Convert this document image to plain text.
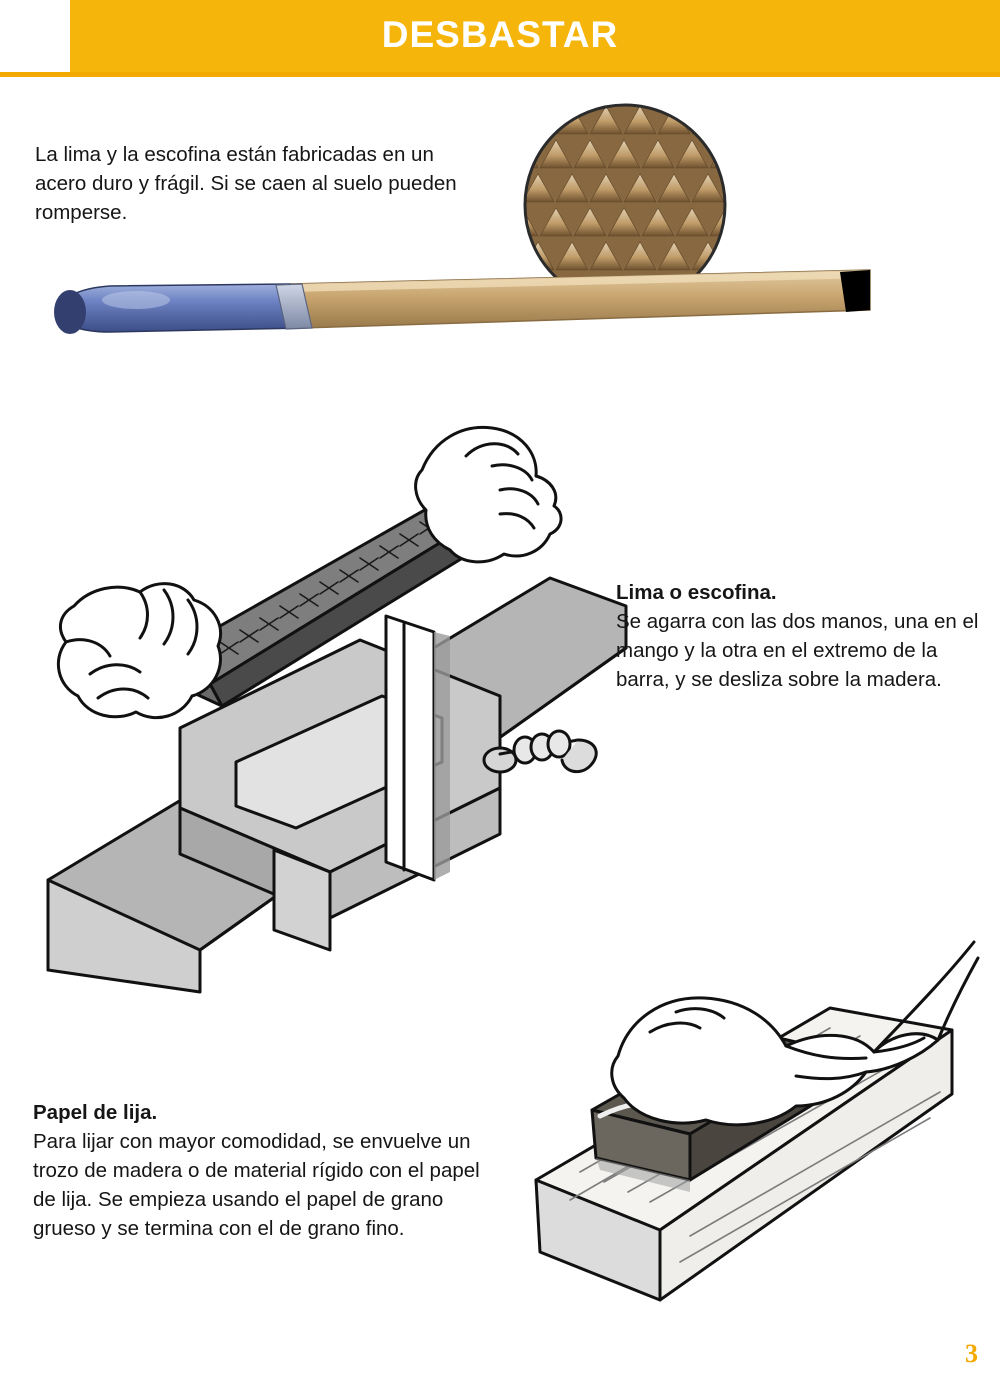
DESBASTAR
La lima y la escofina están fabricadas en un acero duro y frágil. Si se caen al suelo pueden romperse.
Lima o escofina.
Se agarra con las dos manos, una en el mango y la otra en el extremo de la barra, y se desliza sobre la madera.
Papel de lija.
Para lijar con mayor comodidad, se envuelve un trozo de madera o de material rígido con el papel de lija. Se empieza usando el papel de grano grueso y se termina con el de grano fino.
3
